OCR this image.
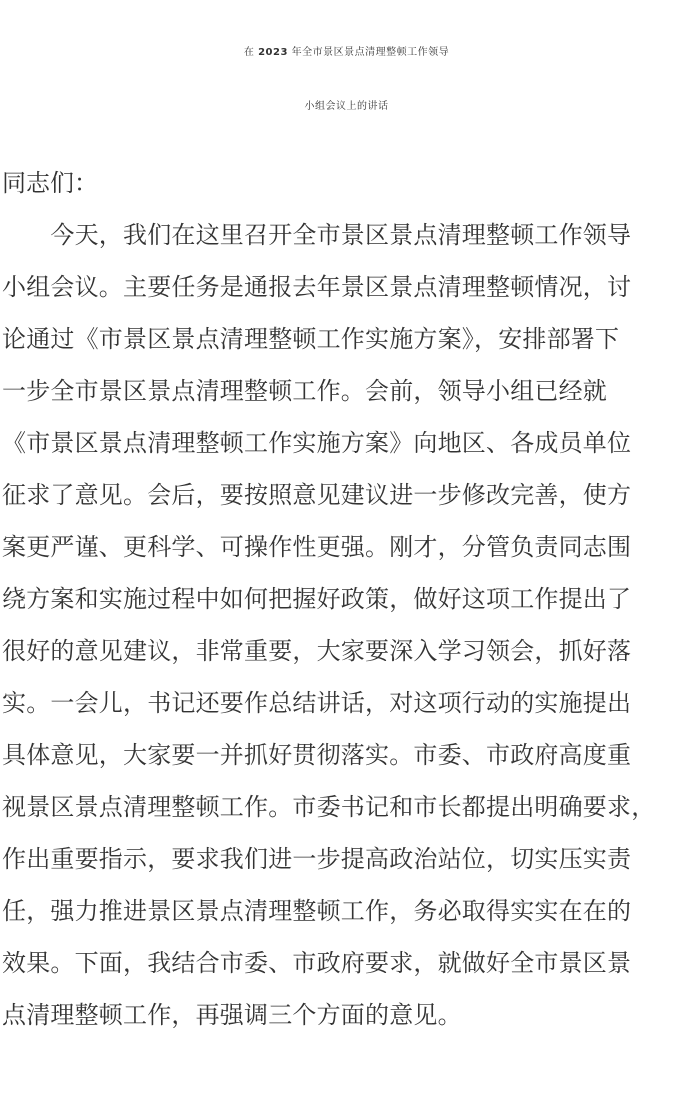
在 2023 年全市景区景点清理整顿工作领导
小组会议上的讲话
同志们：
　　今天，我们在这里召开全市景区景点清理整顿工作领导
小组会议。主要任务是通报去年景区景点清理整顿情况，讨
论通过《市景区景点清理整顿工作实施方案》，安排部署下
一步全市景区景点清理整顿工作。会前，领导小组已经就
《市景区景点清理整顿工作实施方案》向地区、各成员单位
征求了意见。会后，要按照意见建议进一步修改完善，使方
案更严谨、更科学、可操作性更强。刚才，分管负责同志围
绕方案和实施过程中如何把握好政策，做好这项工作提出了
很好的意见建议，非常重要，大家要深入学习领会，抓好落
实。一会儿，书记还要作总结讲话，对这项行动的实施提出
具体意见，大家要一并抓好贯彻落实。市委、市政府高度重
视景区景点清理整顿工作。市委书记和市长都提出明确要求，
作出重要指示，要求我们进一步提高政治站位，切实压实责
任，强力推进景区景点清理整顿工作，务必取得实实在在的
效果。下面，我结合市委、市政府要求，就做好全市景区景
点清理整顿工作，再强调三个方面的意见。
